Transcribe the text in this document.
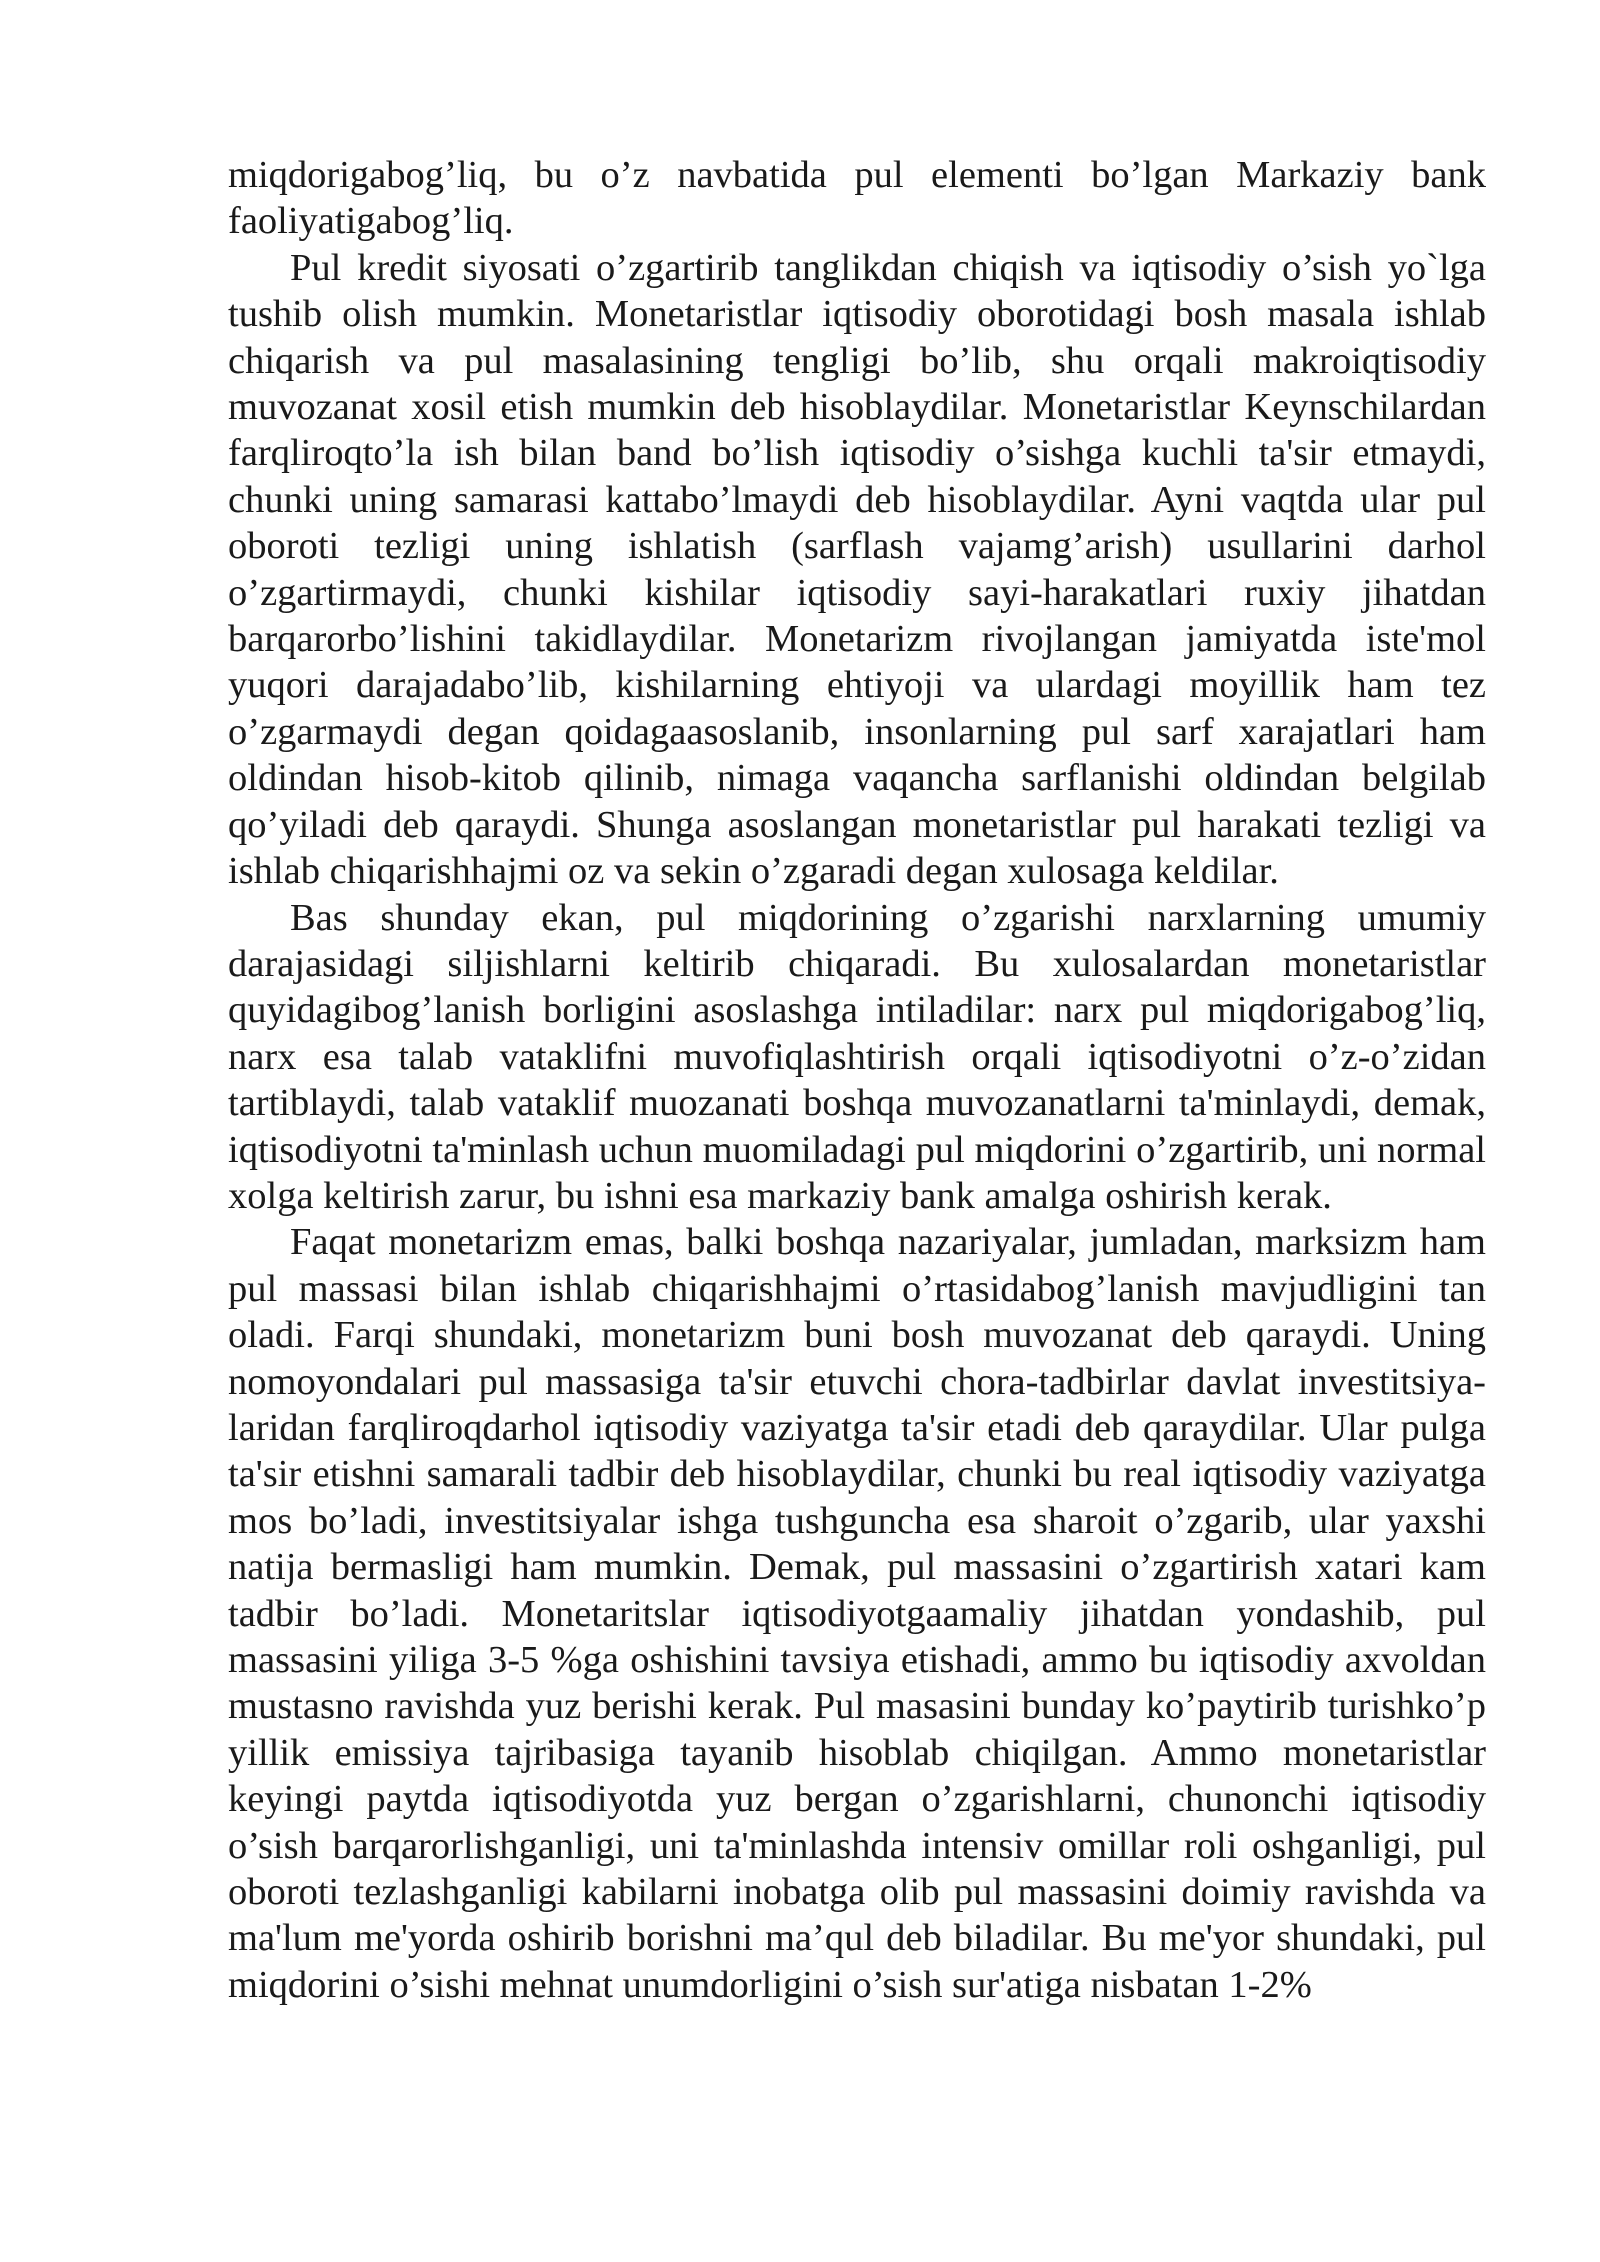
miqdorigabog’liq, bu o’z navbatida pul elementi bo’lgan Markaziy bank faoliyatigabog’liq.

Pul kredit siyosati o’zgartirib tanglikdan chiqish va iqtisodiy o’sish yo`lga tushib olish mumkin. Monetaristlar iqtisodiy oborotidagi bosh masala ishlab chiqarish va pul masalasining tengligi bo’lib, shu orqali makroiqtisodiy muvozanat xosil etish mumkin deb hisoblaydilar. Monetaristlar Keynschilardan farqliroqto’la ish bilan band bo’lish iqtisodiy o’sishga kuchli ta'sir etmaydi, chunki uning samarasi kattabo’lmaydi deb hisoblaydilar. Ayni vaqtda ular pul oboroti tezligi uning ishlatish (sarflash vajamg’arish) usullarini darhol o’zgartirmaydi, chunki kishilar iqtisodiy sayi-harakatlari ruxiy jihatdan barqarorbo’lishini takidlaydilar. Monetarizm rivojlangan jamiyatda iste'mol yuqori darajadabo’lib, kishilarning ehtiyoji va ulardagi moyillik ham tez o’zgarmaydi degan qoidagaasoslanib, insonlarning pul sarf xarajatlari ham oldindan hisob-kitob qilinib, nimaga vaqancha sarflanishi oldindan belgilab qo’yiladi deb qaraydi. Shunga asoslangan monetaristlar pul harakati tezligi va ishlab chiqarishhajmi oz va sekin o’zgaradi degan xulosaga keldilar.

Bas shunday ekan, pul miqdorining o’zgarishi narxlarning umumiy darajasidagi siljishlarni keltirib chiqaradi. Bu xulosalardan monetaristlar quyidagibog’lanish borligini asoslashga intiladilar: narx pul miqdorigabog’liq, narx esa talab vataklifni muvofiqlashtirish orqali iqtisodiyotni o’z-o’zidan tartiblaydi, talab vataklif muozanati boshqa muvozanatlarni ta'minlaydi, demak, iqtisodiyotni ta'minlash uchun muomiladagi pul miqdorini o’zgartirib, uni normal xolga keltirish zarur, bu ishni esa markaziy bank amalga oshirish kerak.

Faqat monetarizm emas, balki boshqa nazariyalar, jumladan, marksizm ham pul massasi bilan ishlab chiqarishhajmi o’rtasidabog’lanish mavjudligini tan oladi. Farqi shundaki, monetarizm buni bosh muvozanat deb qaraydi. Uning nomoyondalari pul massasiga ta'sir etuvchi chora-tadbirlar davlat investitsiya-laridan farqliroqdarhol iqtisodiy vaziyatga ta'sir etadi deb qaraydilar. Ular pulga ta'sir etishni samarali tadbir deb hisoblaydilar, chunki bu real iqtisodiy vaziyatga mos bo’ladi, investitsiyalar ishga tushguncha esa sharoit o’zgarib, ular yaxshi natija bermasligi ham mumkin. Demak, pul massasini o’zgartirish xatari kam tadbir bo’ladi. Monetaritslar iqtisodiyotgaamaliy jihatdan yondashib, pul massasini yiliga 3-5 %ga oshishini tavsiya etishadi, ammo bu iqtisodiy axvoldan mustasno ravishda yuz berishi kerak. Pul masasini bunday ko’paytirib turishko’p yillik emissiya tajribasiga tayanib hisoblab chiqilgan. Ammo monetaristlar keyingi paytda iqtisodiyotda yuz bergan o’zgarishlarni, chunonchi iqtisodiy o’sish barqarorlishganligi, uni ta'minlashda intensiv omillar roli oshganligi, pul oboroti tezlashganligi kabilarni inobatga olib pul massasini doimiy ravishda va ma'lum me'yorda oshirib borishni ma’qul deb biladilar. Bu me'yor shundaki, pul miqdorini o’sishi mehnat unumdorligini o’sish sur'atiga nisbatan 1-2%
